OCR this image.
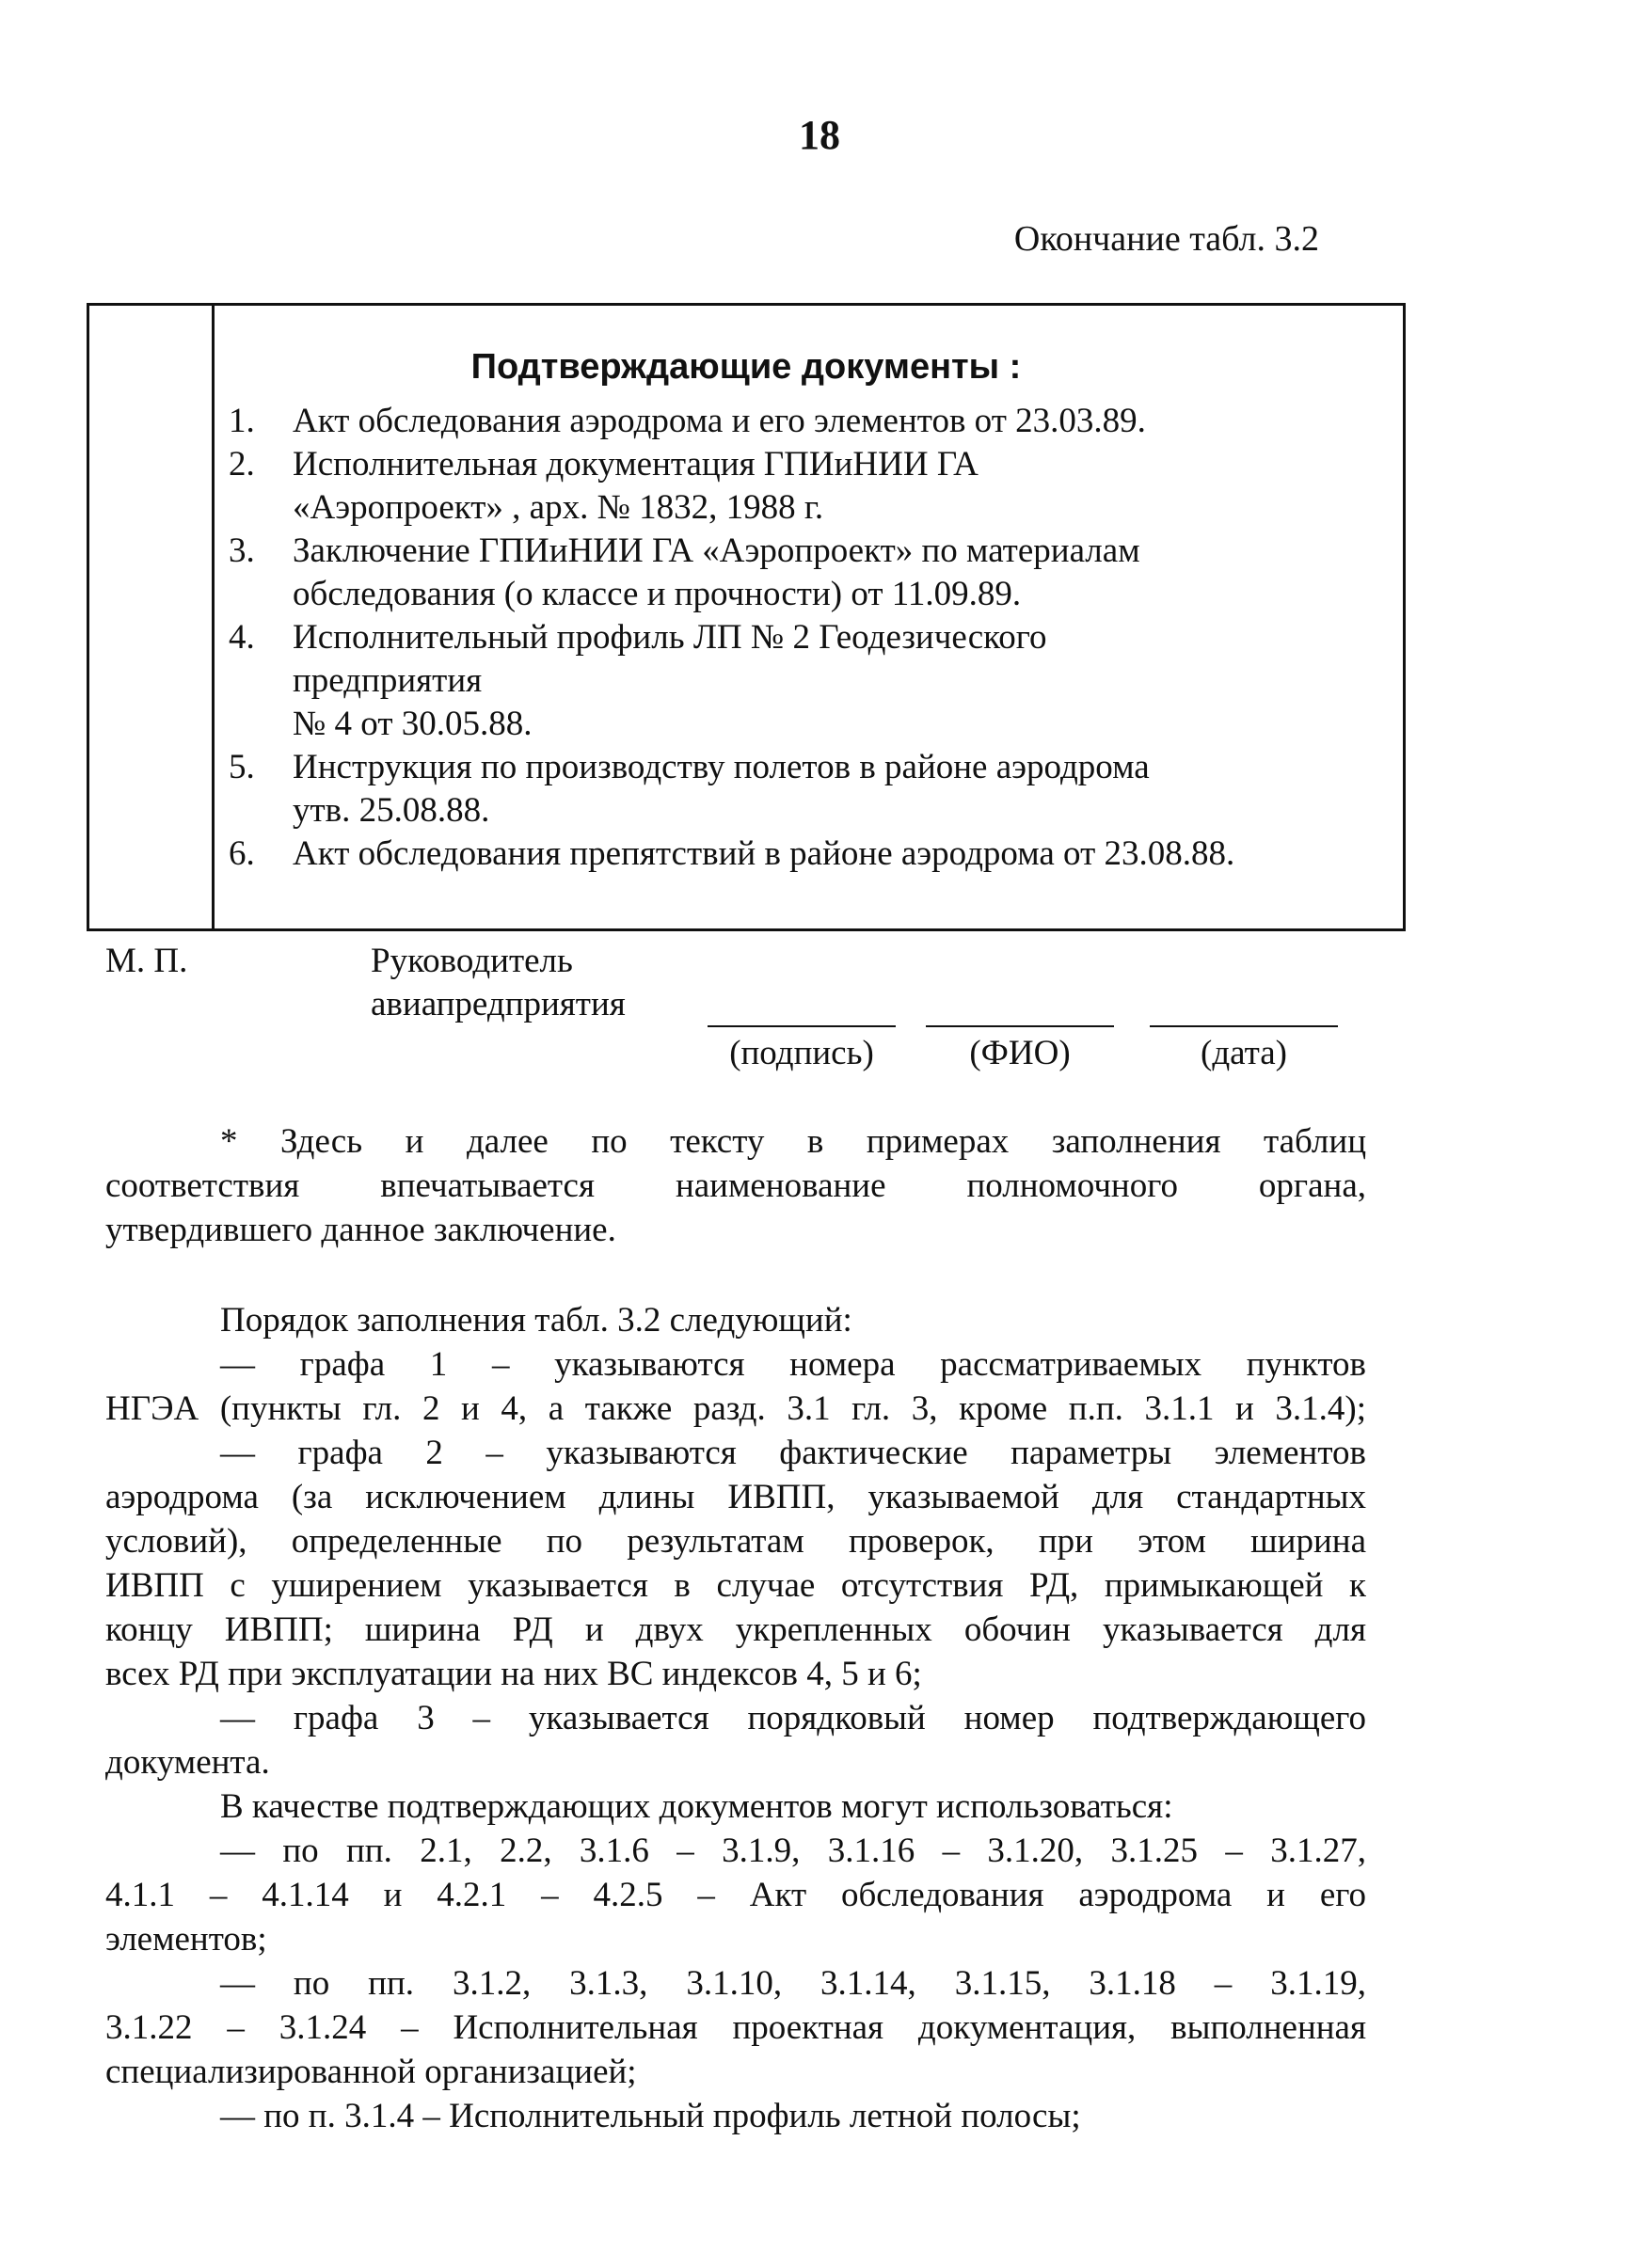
18
Окончание табл. 3.2
Подтверждающие документы :
1.	Акт обследования аэродрома и его элементов от 23.03.89.
2.	Исполнительная документация ГПИиНИИ ГА
«Аэропроект» , арх. № 1832, 1988 г.
3.	Заключение ГПИиНИИ ГА «Аэропроект» по материалам
обследования (о классе и прочности) от 11.09.89.
4.	Исполнительный профиль ЛП № 2 Геодезического
предприятия
№ 4 от 30.05.88.
5.	Инструкция по производству полетов в районе аэродрома
утв. 25.08.88.
6.	Акт обследования препятствий в районе аэродрома от 23.08.88.
М. П.	Руководитель
авиапредприятия
(подпись)	(ФИО)	(дата)
* Здесь и далее по тексту в примерах заполнения таблиц
соответствия впечатывается наименование полномочного органа,
утвердившего данное заключение.
Порядок заполнения табл. 3.2 следующий:
— графа 1 – указываются номера рассматриваемых пунктов
НГЭА (пункты гл. 2 и 4, а также разд. 3.1 гл. 3, кроме п.п. 3.1.1 и 3.1.4);
— графа 2 – указываются фактические параметры элементов
аэродрома (за исключением длины ИВПП, указываемой для стандартных
условий), определенные по результатам проверок, при этом ширина
ИВПП с уширением указывается в случае отсутствия РД, примыкающей к
концу ИВПП; ширина РД и двух укрепленных обочин указывается для
всех РД при эксплуатации на них ВС индексов 4, 5 и 6;
— графа 3 – указывается порядковый номер подтверждающего
документа.
В качестве подтверждающих документов могут использоваться:
— по пп. 2.1, 2.2, 3.1.6 – 3.1.9, 3.1.16 – 3.1.20, 3.1.25 – 3.1.27,
4.1.1 – 4.1.14 и 4.2.1 – 4.2.5 – Акт обследования аэродрома и его
элементов;
— по пп. 3.1.2, 3.1.3, 3.1.10, 3.1.14, 3.1.15, 3.1.18 – 3.1.19,
3.1.22 – 3.1.24 – Исполнительная проектная документация, выполненная
специализированной организацией;
— по п. 3.1.4 – Исполнительный профиль летной полосы;
